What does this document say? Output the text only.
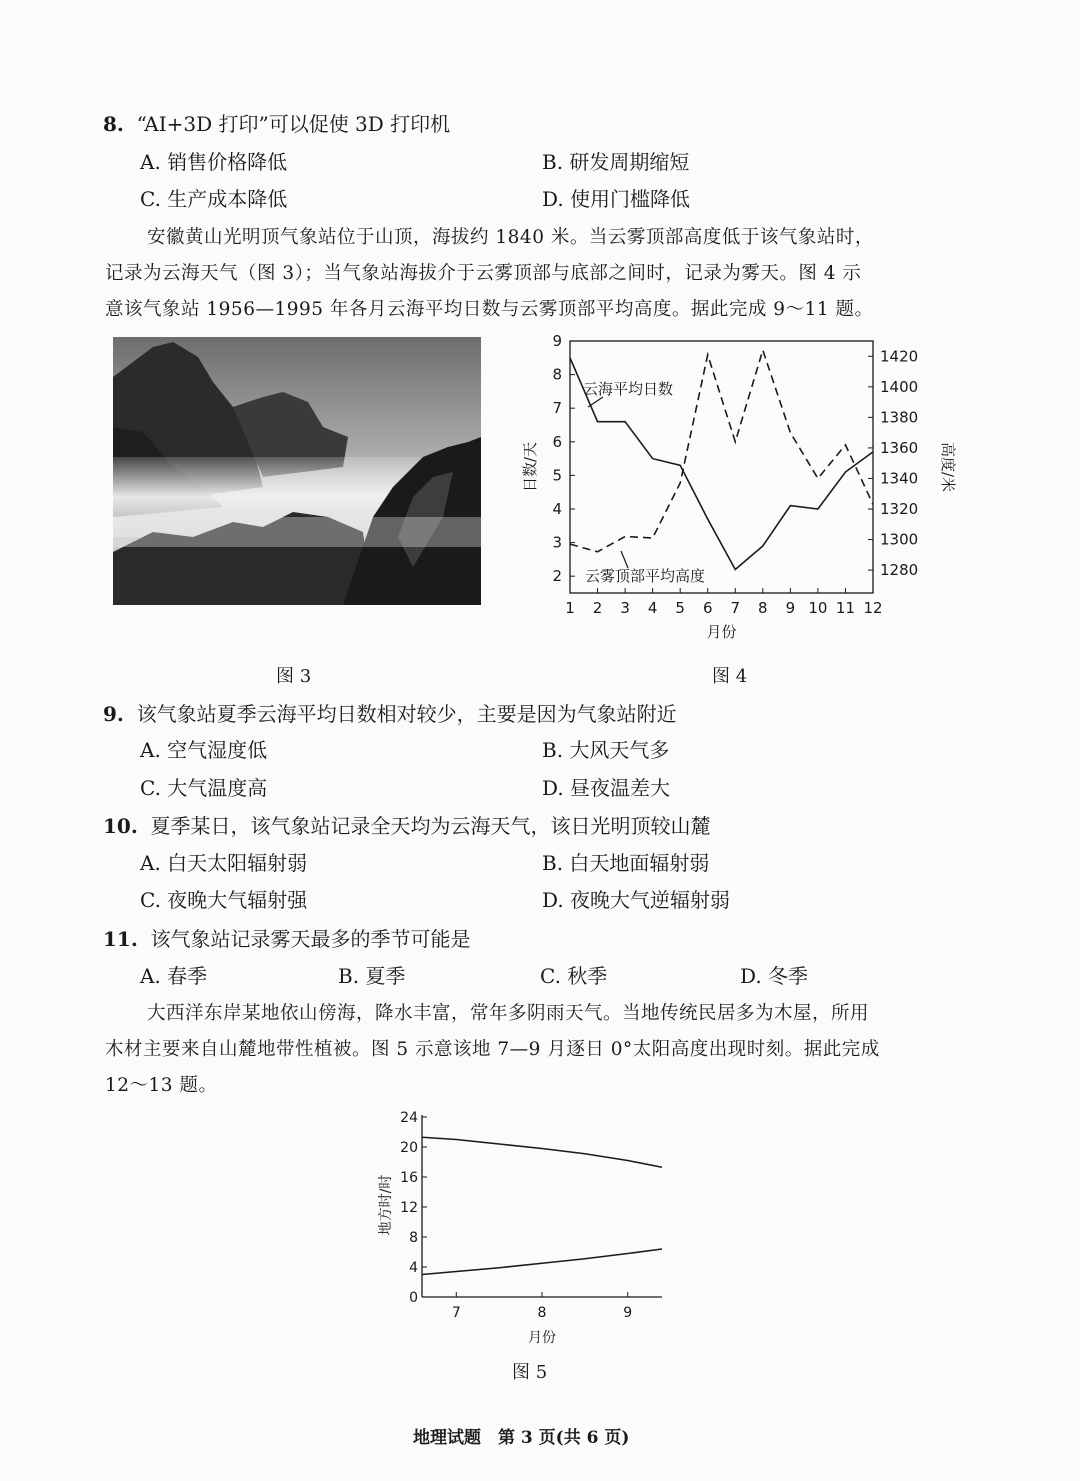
8. “AI+3D 打印”可以促使 3D 打印机
A. 销售价格降低	B. 研发周期缩短
C. 生产成本降低	D. 使用门槛降低
安徽黄山光明顶气象站位于山顶，海拔约 1840 米。当云雾顶部高度低于该气象站时，
记录为云海天气（图 3）；当气象站海拔介于云雾顶部与底部之间时，记录为雾天。图 4 示
意该气象站 1956—1995 年各月云海平均日数与云雾顶部平均高度。据此完成 9～11 题。
图 3
2
3
4
5
6
7
8
9
1280
1300
1320
1340
1360
1380
1400
1420
1 2 3 4 5 6 7 8 9 10 11 12
日数/天	高度/米
月份
云海平均日数
云雾顶部平均高度
图 4
9. 该气象站夏季云海平均日数相对较少，主要是因为气象站附近
A. 空气湿度低	B. 大风天气多
C. 大气温度高	D. 昼夜温差大
10. 夏季某日，该气象站记录全天均为云海天气，该日光明顶较山麓
A. 白天太阳辐射弱	B. 白天地面辐射弱
C. 夜晚大气辐射强	D. 夜晚大气逆辐射弱
11. 该气象站记录雾天最多的季节可能是
A. 春季	B. 夏季	C. 秋季	D. 冬季
大西洋东岸某地依山傍海，降水丰富，常年多阴雨天气。当地传统民居多为木屋，所用
木材主要来自山麓地带性植被。图 5 示意该地 7—9 月逐日 0°太阳高度出现时刻。据此完成
12～13 题。
0
4
8
12
16
20
24
7	8	9
地方时/时
月份
图 5
地理试题　第 3 页(共 6 页)
